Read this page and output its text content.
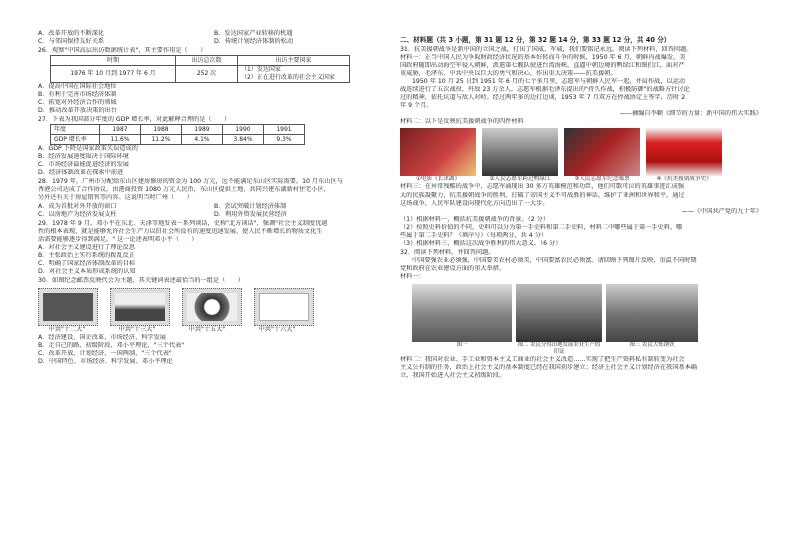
A．改革开放的不断深化	B．发达国家产业转移的机遇
C．与邻国保持友好关系	D．传统计划经济体制的松动

26．观察"中国高层出访数据统计表"，其主要作用是（　　）

时期	出访总次数	出访主要国家
1976 年 10 月到 1977 年 6 月	252 次	（1）发达国家
（2）正在进行改革的社会主义国家

A．提高中国在国际社会地位

B．有利于完善市场经济体制

C．拓宽对外经济合作的领域

D．推动改革开放决策的出台

27．下表为我国部分年度的 GDP 增长率，对此解释合理的是（　　）

年度	1987	1988	1989	1990	1991
GDP 增长率	11.6%	11.2%	4.1%	3.84%	9.3%

A．GDP 下降是国家政策失误造成的

B．经济发展速度取决于国际环境

C．市场经济最能促进经济的发展

D．经济体制改革在探索中前进

28．1979 年，广州市分配给东山区建房修房的资金为 100 万元，远不能满足东山区实际需要。10 月东山区与

香港公司达成了合作协议，由港商投资 1080 万元人民币，东山区提供土地，共同兴建东湖新村住宅小区，

另外还有关于房屋销售等内容。这说明当时广州（　　）

A．成为首批对外开放的窗口	B．尝试突破计划经济体制
C．以房地产为经济发展支柱	D．利用外资发展民营经济

29．1978 年 9 月，邓小平在东北、天津等地发表一系列谈话，史称"北方谈话"，强调"社会主义制度优越

性的根本表现，就是能够允许社会生产力以旧社会所没有的速度迅速发展，使人民不断增长的物质文化生

活需要能够逐步得到满足。" 这一论述表明邓小平（　　）

A．对社会主义建设进行了理论反思

B．主张政治上实行系统的拨乱反正

C．明确了国家经济体制改革的目标

D．对社会主义本质形成系统的认知

30．如图纪念邮票反映代会为主题，其关键词表述最恰当的一组是（　　）

中共"十二大"	中共"十三大"	中共"十五大"	中共"十六大"

A．经济建设、国企改革、市场经济、科学发展

B．走自己的路、初级阶段、邓小平理论、"三个代表"

C．改革开放、计划经济、一国两制、"三个代表"

D．中国特色、市场经济、科学发展、邓小平理论

二、材料题（共 3 小题，第 31 题 12 分，第 32 题 14 分，第 33 题 12 分，共 40 分）

31．抗美援朝战争是新中国的立国之战，打出了国威、军威，我们要铭记永远。阅读下列材料，回答问题。

材料一：正当中国人民为争取财政经济状况的基本好转而斗争的时候，1950 年 6 月，朝鲜内战爆发，美

国政府随即出动海空军侵入朝鲜，派遣第七舰队驶进台湾海峡，直逼中朝边境的鸭绿江和图们江，面对严

重威胁，毛泽东、中共中央以巨大的勇气和决心，作出重大决策——抗美援朝。

1950 年 10 月 25 日到 1951 年 6 月的七个多月里，志愿军与朝鲜人民军一起，并肩作战，以运动

战连续进行了五次战役，歼敌 23 万余人。志愿军根据毛泽东提出的"持久作战，积极防御"的战略方针讨论

过的精神，依托坑道与敌人对峙。经过两年多的边打边谈，1953 年 7 月双方在停战协定上签字，历时 2

年 9 个月。

——摘编自李颖《细节的力量：新中国的伟大实践》

材料二：以下是反映抗美援朝战争的四件材料

①电影《长津湖》	②人民志愿军跨过鸭绿江	③人民志愿军纪念邮票	④《抗美援朝战争史》

材料三：在异常残酷的战争中，志愿军涌现出 30 多万英雄模范和功臣，他们可歌可泣的英雄事迹汇成强

大的民族凝聚力，抗美援朝战争的胜利，打破了帝国主义不可战胜的神话，维护了亚洲和世界和平，通过

这场战争，人民军队建设向现代化方向迈出了一大步。

——《中国共产党的九十年》

（1）根据材料一，概括抗美援朝战争的背景。（2 分）

（2）按照史料价值的不同，史料可以分为第一手史料和第二手史料，材料二中哪些属于第一手史料，哪

些属于第二手史料？（填序号）（每项两分，共 4 分）

（3）根据材料三，概括这次战争胜利的伟大意义。（6 分）

32．阅读下列材料，并回答问题。

中国要强农业必须强，中国要美农村必须美，中国要富农民必须富。请回顾下列图片反映，重温不同时期

党和政府在农业建设方面的重大举措。

材料一：

图一	图二 农民分得田地发展农业生产的印证
图三 农民大炼钢铁

材料二：我国对农业、手工业和资本主义工商业的社会主义改造……实现了把生产资料私有制转变为社会

主义公有制的任务，政治上社会主义的基本制度已经在我国初步建立；经济上社会主义计划经济在我国基本确

立，我国开始进入社会主义初级阶段。
